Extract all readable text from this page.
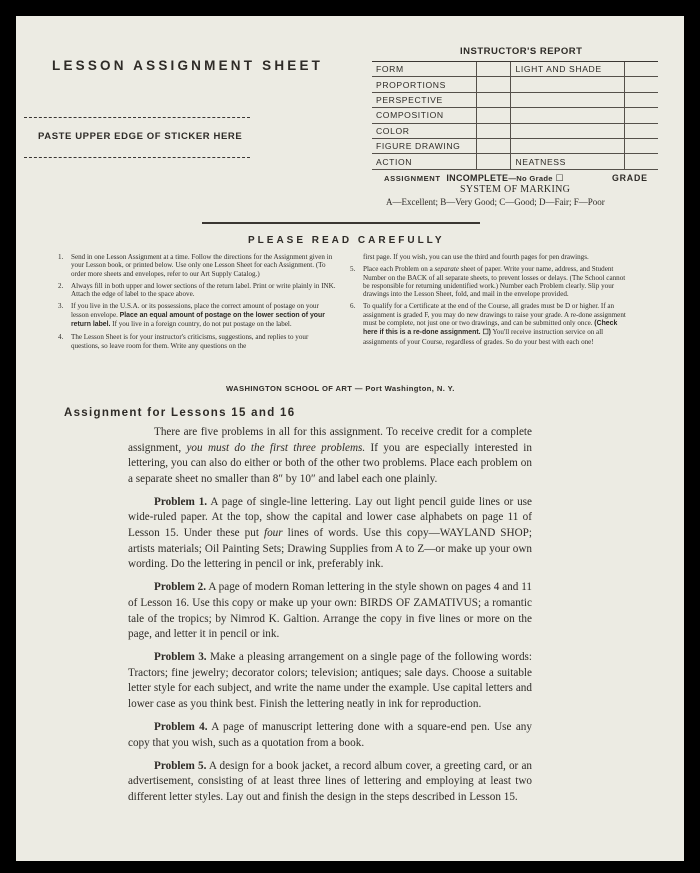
LESSON ASSIGNMENT SHEET
PASTE UPPER EDGE OF STICKER HERE
INSTRUCTOR'S REPORT
FORM		LIGHT AND SHADE	
PROPORTIONS			
PERSPECTIVE			
COMPOSITION			
COLOR			
FIGURE DRAWING			
ACTION		NEATNESS	
ASSIGNMENT INCOMPLETE—No Grade ☐	GRADE
SYSTEM OF MARKING
A—Excellent; B—Very Good; C—Good; D—Fair; F—Poor
PLEASE READ CAREFULLY
1. Send in one Lesson Assignment at a time. Follow the directions for the Assignment given in your Lesson book, or printed below. Use only one Lesson Sheet for each Assignment. (To order more sheets and envelopes, refer to our Art Supply Catalog.)
2. Always fill in both upper and lower sections of the return label. Print or write plainly in INK. Attach the edge of label to the space above.
3. If you live in the U.S.A. or its possessions, place the correct amount of postage on your lesson envelope. Place an equal amount of postage on the lower section of your return label. If you live in a foreign country, do not put postage on the label.
4. The Lesson Sheet is for your instructor's criticisms, suggestions, and replies to your questions, so leave room for them. Write any questions on the
first page. If you wish, you can use the third and fourth pages for pen drawings.
5. Place each Problem on a separate sheet of paper. Write your name, address, and Student Number on the BACK of all separate sheets, to prevent losses or delays. (The School cannot be responsible for returning unidentified work.) Number each Problem clearly. Slip your drawings into the Lesson Sheet, fold, and mail in the envelope provided.
6. To qualify for a Certificate at the end of the Course, all grades must be D or higher. If an assignment is graded F, you may do new drawings to raise your grade. A re-done assignment must be complete, not just one or two drawings, and can be submitted only once. (Check here if this is a re-done assignment. ☐) You'll receive instruction service on all assignments of your Course, regardless of grades. So do your best with each one!
WASHINGTON SCHOOL OF ART — Port Washington, N. Y.
Assignment for Lessons 15 and 16

There are five problems in all for this assignment. To receive credit for a complete assignment, you must do the first three problems. If you are especially interested in lettering, you can also do either or both of the other two problems. Place each problem on a separate sheet no smaller than 8″ by 10″ and label each one plainly.

Problem 1. A page of single-line lettering. Lay out light pencil guide lines or use wide-ruled paper. At the top, show the capital and lower case alphabets on page 11 of Lesson 15. Under these put four lines of words. Use this copy—WAYLAND SHOP; artists materials; Oil Painting Sets; Drawing Supplies from A to Z—or make up your own wording. Do the lettering in pencil or ink, preferably ink.

Problem 2. A page of modern Roman lettering in the style shown on pages 4 and 11 of Lesson 16. Use this copy or make up your own: BIRDS OF ZAMATIVUS; a romantic tale of the tropics; by Nimrod K. Galtion. Arrange the copy in five lines or more on the page, and letter it in pencil or ink.

Problem 3. Make a pleasing arrangement on a single page of the following words: Tractors; fine jewelry; decorator colors; television; antiques; sale days. Choose a suitable letter style for each subject, and write the name under the example. Use capital letters and lower case as you think best. Finish the lettering neatly in ink for reproduction.

Problem 4. A page of manuscript lettering done with a square-end pen. Use any copy that you wish, such as a quotation from a book.

Problem 5. A design for a book jacket, a record album cover, a greeting card, or an advertisement, consisting of at least three lines of lettering and employing at least two different letter styles. Lay out and finish the design in the steps described in Lesson 15.
